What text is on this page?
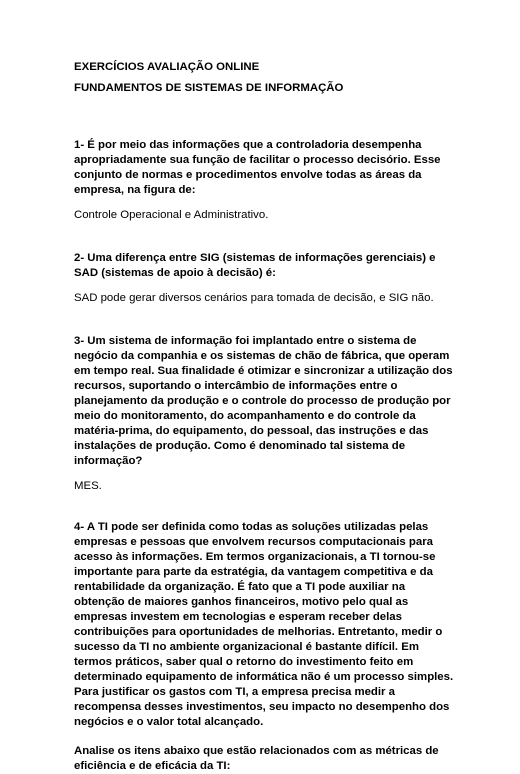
EXERCÍCIOS AVALIAÇÃO ONLINE

FUNDAMENTOS DE SISTEMAS DE INFORMAÇÃO

1- É por meio das informações que a controladoria desempenha apropriadamente sua função de facilitar o processo decisório. Esse conjunto de normas e procedimentos envolve todas as áreas da empresa, na figura de:

Controle Operacional e Administrativo.

2- Uma diferença entre SIG (sistemas de informações gerenciais) e SAD (sistemas de apoio à decisão) é:

SAD pode gerar diversos cenários para tomada de decisão, e SIG não.

3- Um sistema de informação foi implantado entre o sistema de negócio da companhia e os sistemas de chão de fábrica, que operam em tempo real. Sua finalidade é otimizar e sincronizar a utilização dos recursos, suportando o intercâmbio de informações entre o planejamento da produção e o controle do processo de produção por meio do monitoramento, do acompanhamento e do controle da matéria-prima, do equipamento, do pessoal, das instruções e das instalações de produção. Como é denominado tal sistema de informação?

MES.

4- A TI pode ser definida como todas as soluções utilizadas pelas empresas e pessoas que envolvem recursos computacionais para acesso às informações. Em termos organizacionais, a TI tornou-se importante para parte da estratégia, da vantagem competitiva e da rentabilidade da organização. É fato que a TI pode auxiliar na obtenção de maiores ganhos financeiros, motivo pelo qual as empresas investem em tecnologias e esperam receber delas contribuições para oportunidades de melhorias. Entretanto, medir o sucesso da TI no ambiente organizacional é bastante difícil. Em termos práticos, saber qual o retorno do investimento feito em determinado equipamento de informática não é um processo simples. Para justificar os gastos com TI, a empresa precisa medir a recompensa desses investimentos, seu impacto no desempenho dos negócios e o valor total alcançado.

Analise os itens abaixo que estão relacionados com as métricas de eficiência e de eficácia da TI:
